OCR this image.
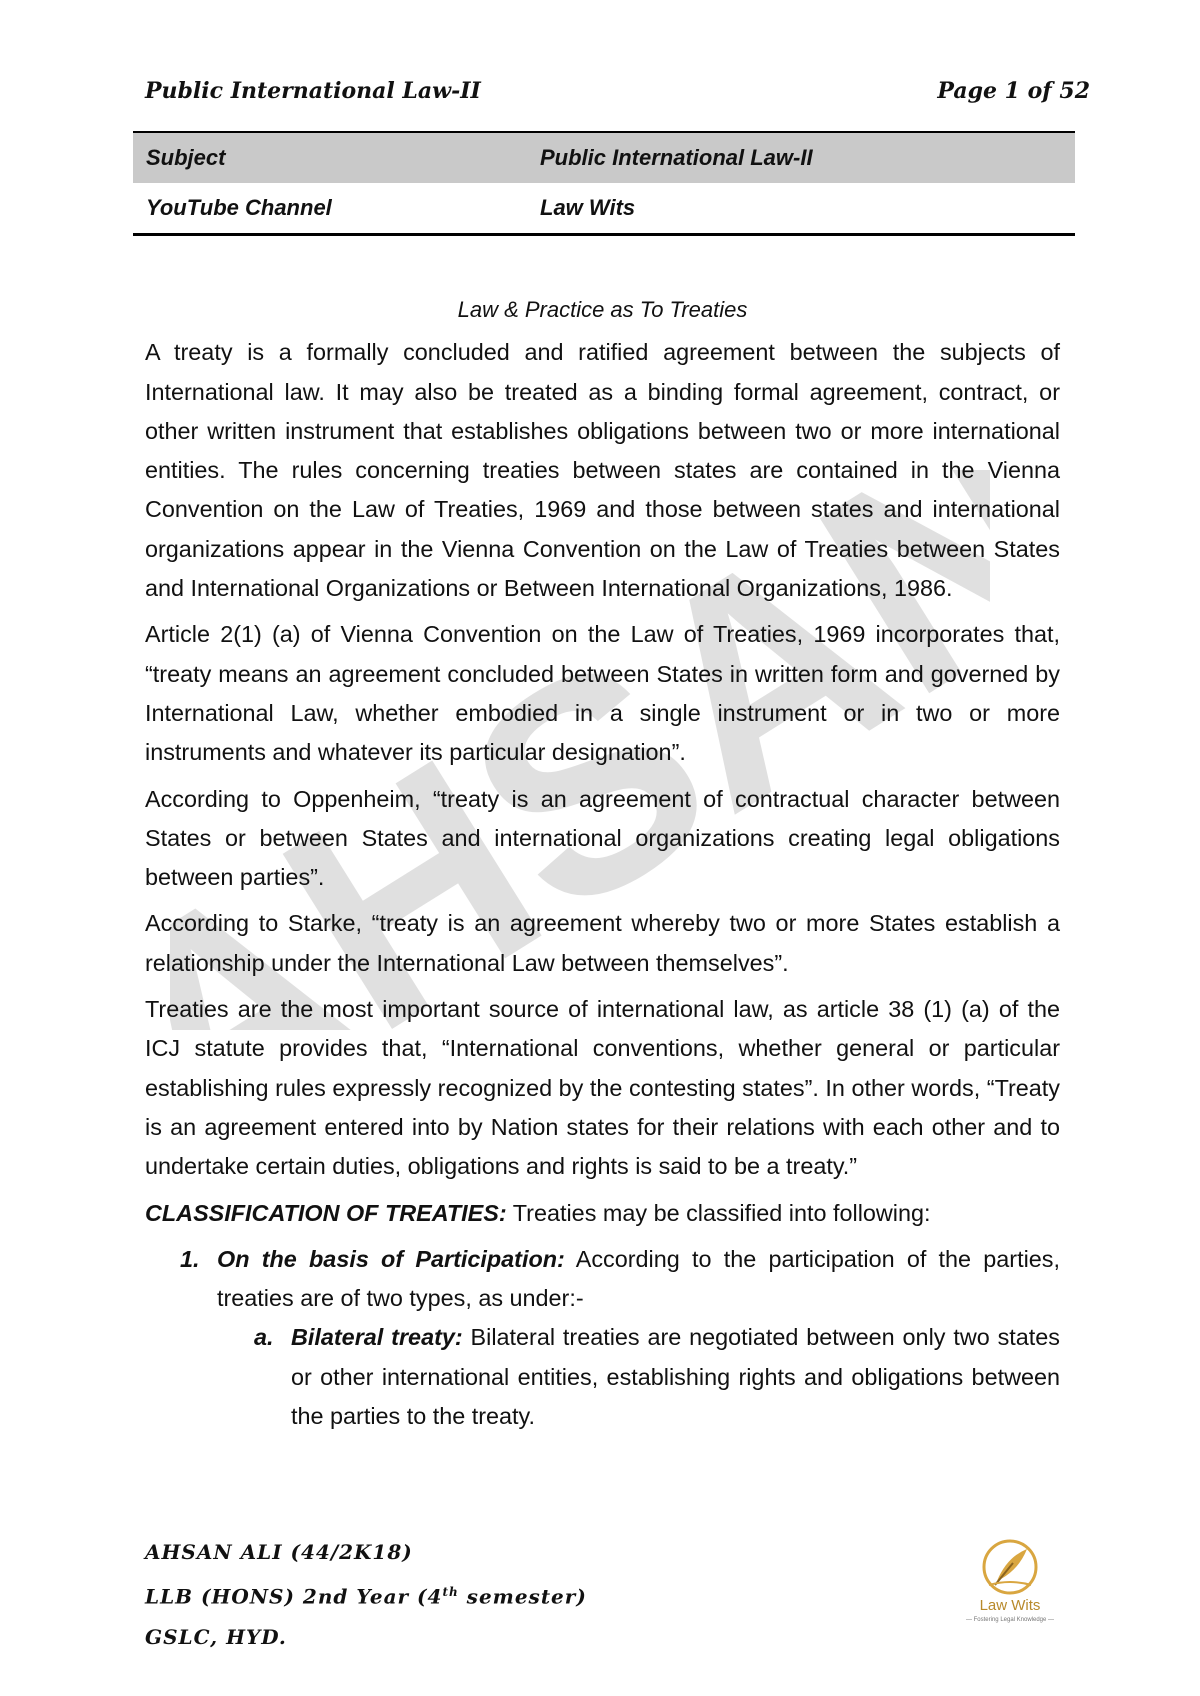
AHSAN
Public International Law-II	Page 1 of 52
Subject	Public International Law-II
YouTube Channel	Law Wits

Law & Practice as To Treaties

A treaty is a formally concluded and ratified agreement between the subjects of International law. It may also be treated as a binding formal agreement, contract, or other written instrument that establishes obligations between two or more international entities. The rules concerning treaties between states are contained in the Vienna Convention on the Law of Treaties, 1969 and those between states and international organizations appear in the Vienna Convention on the Law of Treaties between States and International Organizations or Between International Organizations, 1986.

Article 2(1) (a) of Vienna Convention on the Law of Treaties, 1969 incorporates that, “treaty means an agreement concluded between States in written form and governed by International Law, whether embodied in a single instrument or in two or more instruments and whatever its particular designation”.

According to Oppenheim, “treaty is an agreement of contractual character between States or between States and international organizations creating legal obligations between parties”.

According to Starke, “treaty is an agreement whereby two or more States establish a relationship under the International Law between themselves”.

Treaties are the most important source of international law, as article 38 (1) (a) of the ICJ statute provides that, “International conventions, whether general or particular establishing rules expressly recognized by the contesting states”. In other words, “Treaty is an agreement entered into by Nation states for their relations with each other and to undertake certain duties, obligations and rights is said to be a treaty.”

CLASSIFICATION OF TREATIES: Treaties may be classified into following:

1. On the basis of Participation: According to the participation of the parties, treaties are of two types, as under:-
a. Bilateral treaty: Bilateral treaties are negotiated between only two states or other international entities, establishing rights and obligations between the parties to the treaty.
AHSAN ALI (44/2K18)
LLB (HONS) 2nd Year (4th semester)
GSLC, HYD.
Law Wits
— Fostering Legal Knowledge —
